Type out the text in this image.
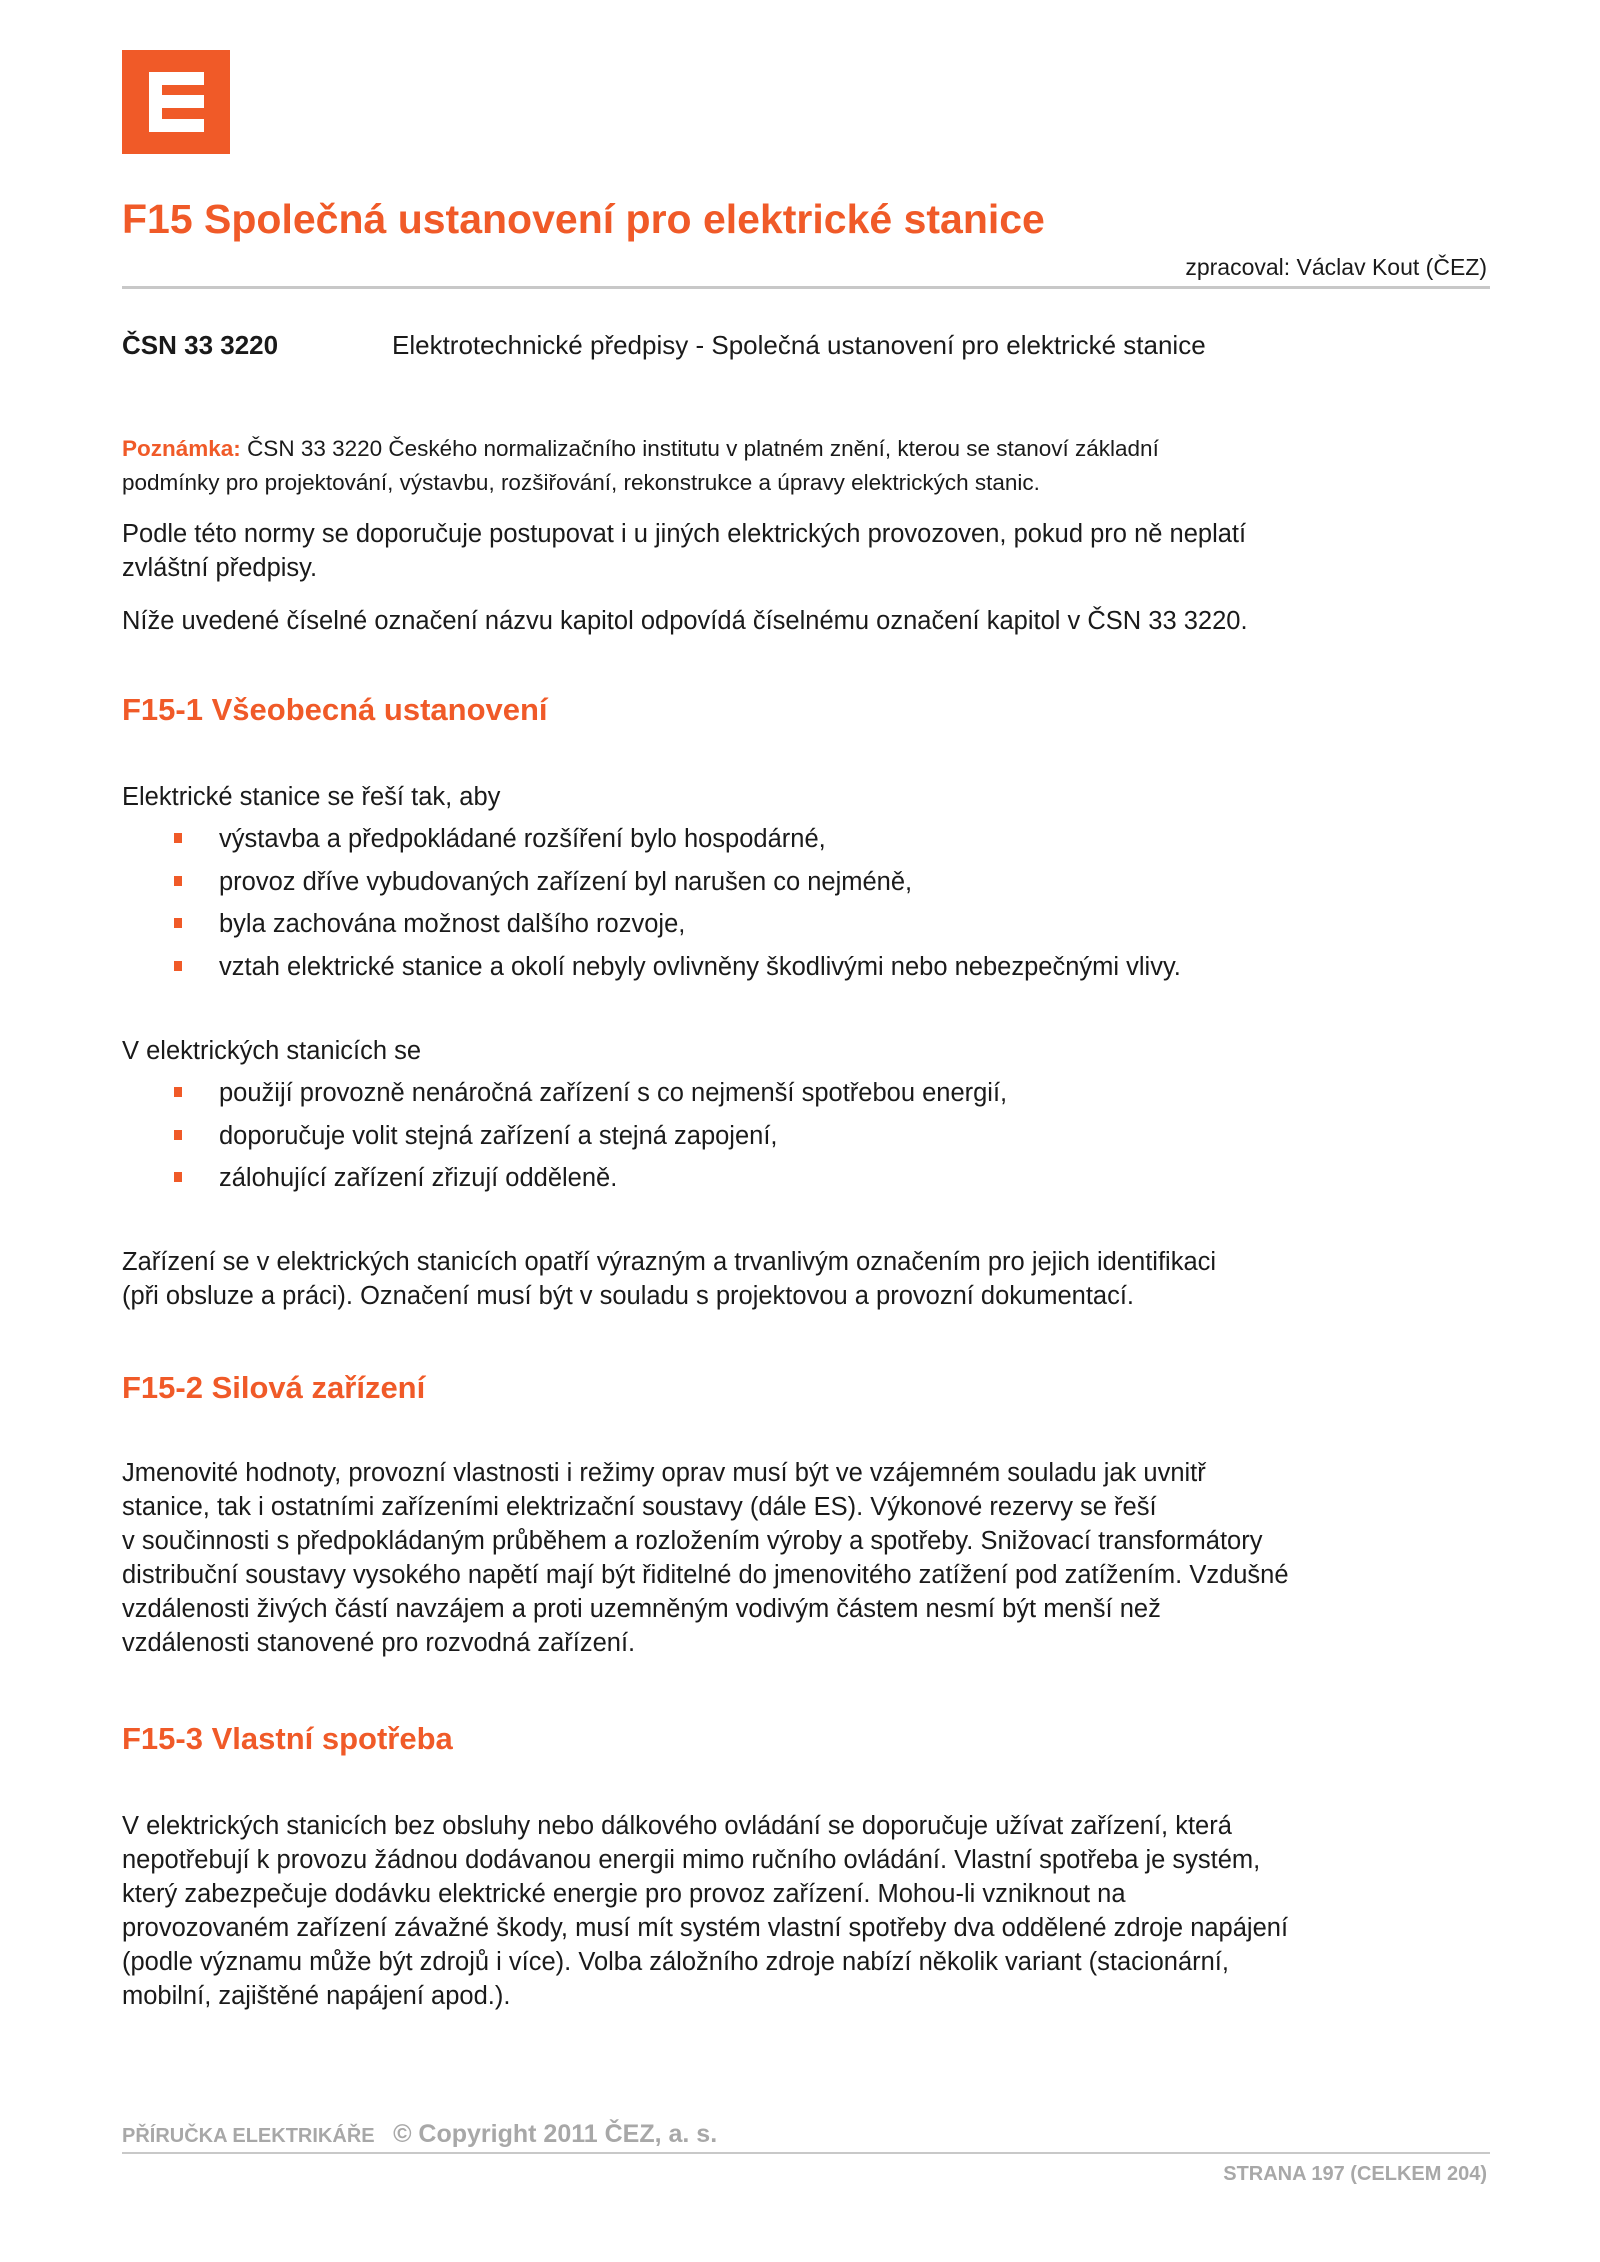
F15 Společná ustanovení pro elektrické stanice
zpracoval: Václav Kout (ČEZ)
ČSN 33 3220	Elektrotechnické předpisy - Společná ustanovení pro elektrické stanice
Poznámka: ČSN 33 3220 Českého normalizačního institutu v platném znění, kterou se stanoví základní
podmínky pro projektování, výstavbu, rozšiřování, rekonstrukce a úpravy elektrických stanic.

Podle této normy se doporučuje postupovat i u jiných elektrických provozoven, pokud pro ně neplatí
zvláštní předpisy.

Níže uvedené číselné označení názvu kapitol odpovídá číselnému označení kapitol v ČSN 33 3220.

F15-1 Všeobecná ustanovení

Elektrické stanice se řeší tak, aby

výstavba a předpokládané rozšíření bylo hospodárné,
provoz dříve vybudovaných zařízení byl narušen co nejméně,
byla zachována možnost dalšího rozvoje,
vztah elektrické stanice a okolí nebyly ovlivněny škodlivými nebo nebezpečnými vlivy.

V elektrických stanicích se

použijí provozně nenáročná zařízení s co nejmenší spotřebou energií,
doporučuje volit stejná zařízení a stejná zapojení,
zálohující zařízení zřizují odděleně.

Zařízení se v elektrických stanicích opatří výrazným a trvanlivým označením pro jejich identifikaci
(při obsluze a práci). Označení musí být v souladu s projektovou a provozní dokumentací.

F15-2 Silová zařízení

Jmenovité hodnoty, provozní vlastnosti i režimy oprav musí být ve vzájemném souladu jak uvnitř
stanice, tak i ostatními zařízeními elektrizační soustavy (dále ES). Výkonové rezervy se řeší
v součinnosti s předpokládaným průběhem a rozložením výroby a spotřeby. Snižovací transformátory
distribuční soustavy vysokého napětí mají být řiditelné do jmenovitého zatížení pod zatížením. Vzdušné
vzdálenosti živých částí navzájem a proti uzemněným vodivým částem nesmí být menší než
vzdálenosti stanovené pro rozvodná zařízení.

F15-3 Vlastní spotřeba

V elektrických stanicích bez obsluhy nebo dálkového ovládání se doporučuje užívat zařízení, která
nepotřebují k provozu žádnou dodávanou energii mimo ručního ovládání. Vlastní spotřeba je systém,
který zabezpečuje dodávku elektrické energie pro provoz zařízení. Mohou-li vzniknout na
provozovaném zařízení závažné škody, musí mít systém vlastní spotřeby dva oddělené zdroje napájení
(podle významu může být zdrojů i více). Volba záložního zdroje nabízí několik variant (stacionární,
mobilní, zajištěné napájení apod.).

PŘÍRUČKA ELEKTRIKÁŘE © Copyright 2011 ČEZ, a. s.
STRANA 197 (CELKEM 204)
